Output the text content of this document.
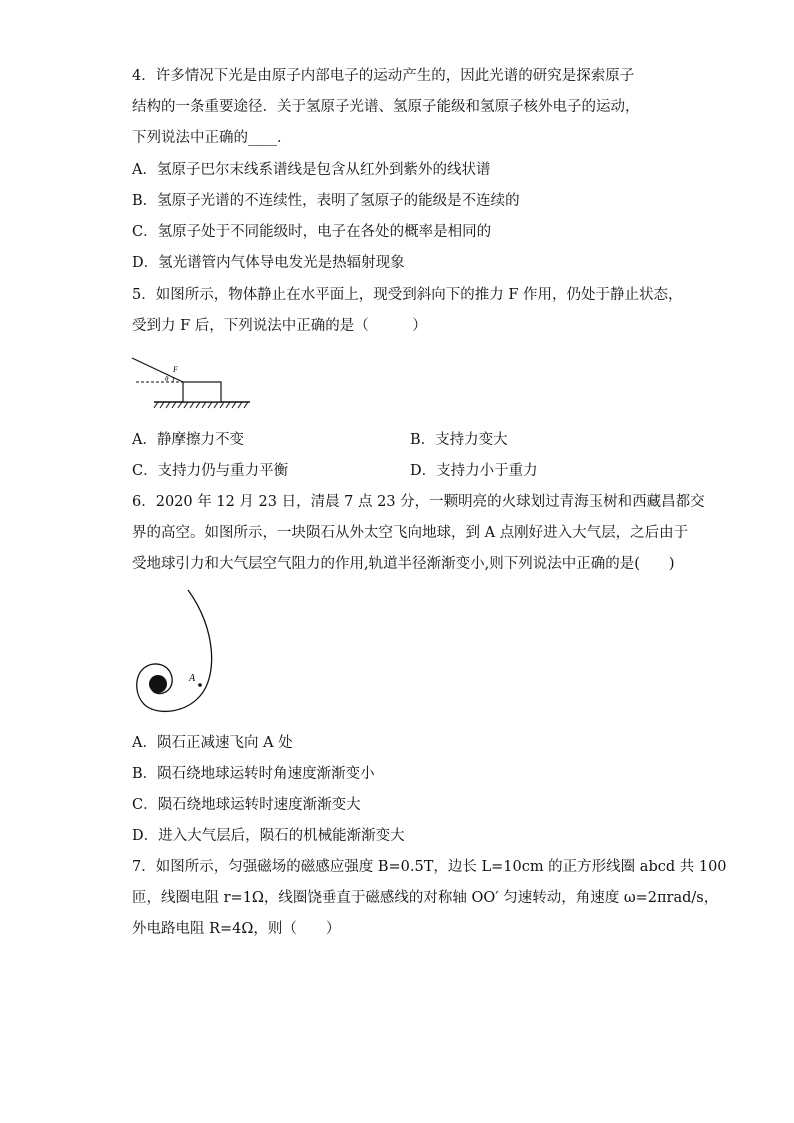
4．许多情况下光是由原子内部电子的运动产生的，因此光谱的研究是探索原子
结构的一条重要途径．关于氢原子光谱、氢原子能级和氢原子核外电子的运动，
下列说法中正确的____．
A．氢原子巴尔末线系谱线是包含从红外到紫外的线状谱
B．氢原子光谱的不连续性，表明了氢原子的能级是不连续的
C．氢原子处于不同能级时，电子在各处的概率是相同的
D．氢光谱管内气体导电发光是热辐射现象
5．如图所示，物体静止在水平面上，现受到斜向下的推力 F 作用，仍处于静止状态，
受到力 F 后，下列说法中正确的是（　　　）
F
θ
A．静摩擦力不变	B．支持力变大
C．支持力仍与重力平衡	D．支持力小于重力
6．2020 年 12 月 23 日，清晨 7 点 23 分，一颗明亮的火球划过青海玉树和西藏昌都交
界的高空。如图所示，一块陨石从外太空飞向地球，到 A 点刚好进入大气层，之后由于
受地球引力和大气层空气阻力的作用,轨道半径渐渐变小,则下列说法中正确的是(　　)
A
A．陨石正减速飞向 A 处
B．陨石绕地球运转时角速度渐渐变小
C．陨石绕地球运转时速度渐渐变大
D．进入大气层后，陨石的机械能渐渐变大
7．如图所示，匀强磁场的磁感应强度 B=0.5T，边长 L=10cm 的正方形线圈 abcd 共 100
匝，线圈电阻 r=1Ω，线圈饶垂直于磁感线的对称轴 OO′ 匀速转动，角速度 ω=2πrad/s，
外电路电阻 R=4Ω，则（　　）
